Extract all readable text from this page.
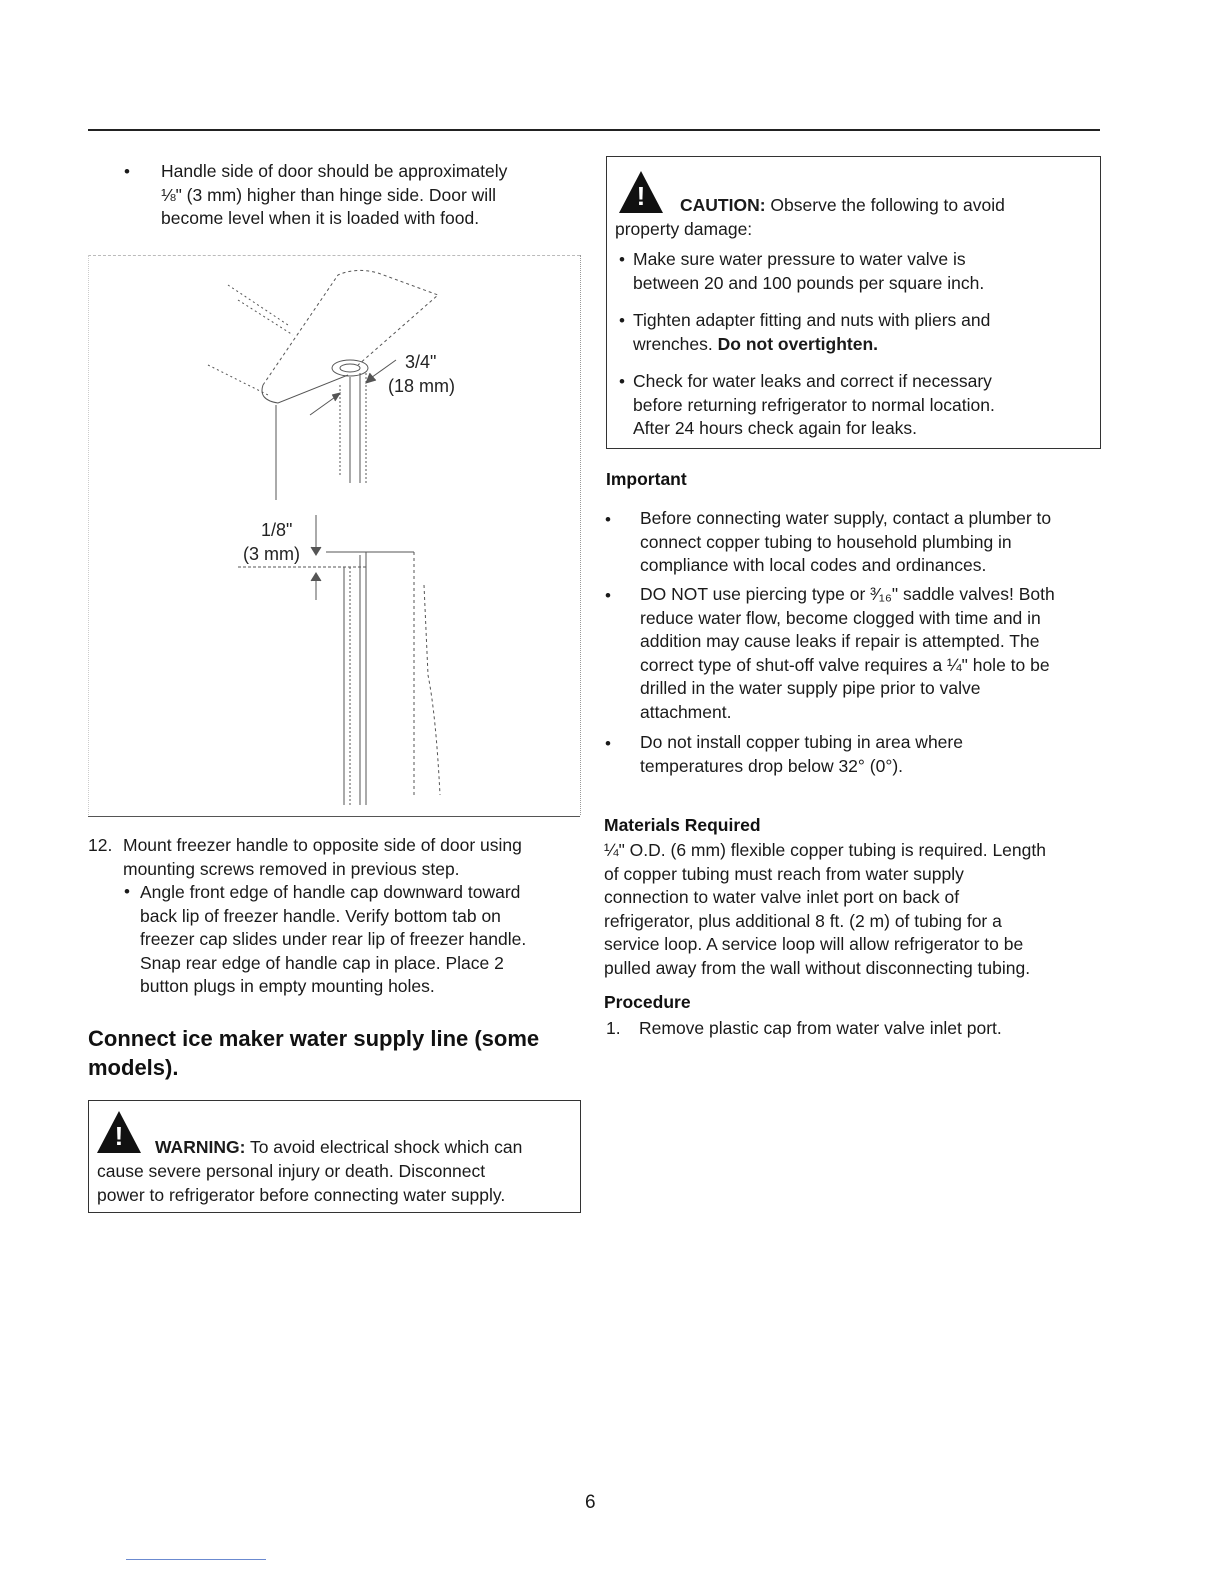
• Handle side of door should be approximately
⅛" (3 mm) higher than hinge side. Door will
become level when it is loaded with food.
3/4"
(18 mm)
1/8"
(3 mm)
12. Mount freezer handle to opposite side of door using
mounting screws removed in previous step.
• Angle front edge of handle cap downward toward
back lip of freezer handle. Verify bottom tab on
freezer cap slides under rear lip of freezer handle.
Snap rear edge of handle cap in place. Place 2
button plugs in empty mounting holes.
Connect ice maker water supply line (some
models).
!	WARNING: To avoid electrical shock which can
cause severe personal injury or death. Disconnect
power to refrigerator before connecting water supply.
!	CAUTION: Observe the following to avoid
property damage:
• Make sure water pressure to water valve is
between 20 and 100 pounds per square inch.
• Tighten adapter fitting and nuts with pliers and
wrenches. Do not overtighten.
• Check for water leaks and correct if necessary
before returning refrigerator to normal location.
After 24 hours check again for leaks.
Important
• Before connecting water supply, contact a plumber to
connect copper tubing to household plumbing in
compliance with local codes and ordinances.
• DO NOT use piercing type or ³⁄₁₆" saddle valves! Both
reduce water flow, become clogged with time and in
addition may cause leaks if repair is attempted. The
correct type of shut-off valve requires a ¼" hole to be
drilled in the water supply pipe prior to valve
attachment.
• Do not install copper tubing in area where
temperatures drop below 32° (0°).
Materials Required
¼" O.D. (6 mm) flexible copper tubing is required. Length
of copper tubing must reach from water supply
connection to water valve inlet port on back of
refrigerator, plus additional 8 ft. (2 m) of tubing for a
service loop. A service loop will allow refrigerator to be
pulled away from the wall without disconnecting tubing.
Procedure
1. Remove plastic cap from water valve inlet port.
6
